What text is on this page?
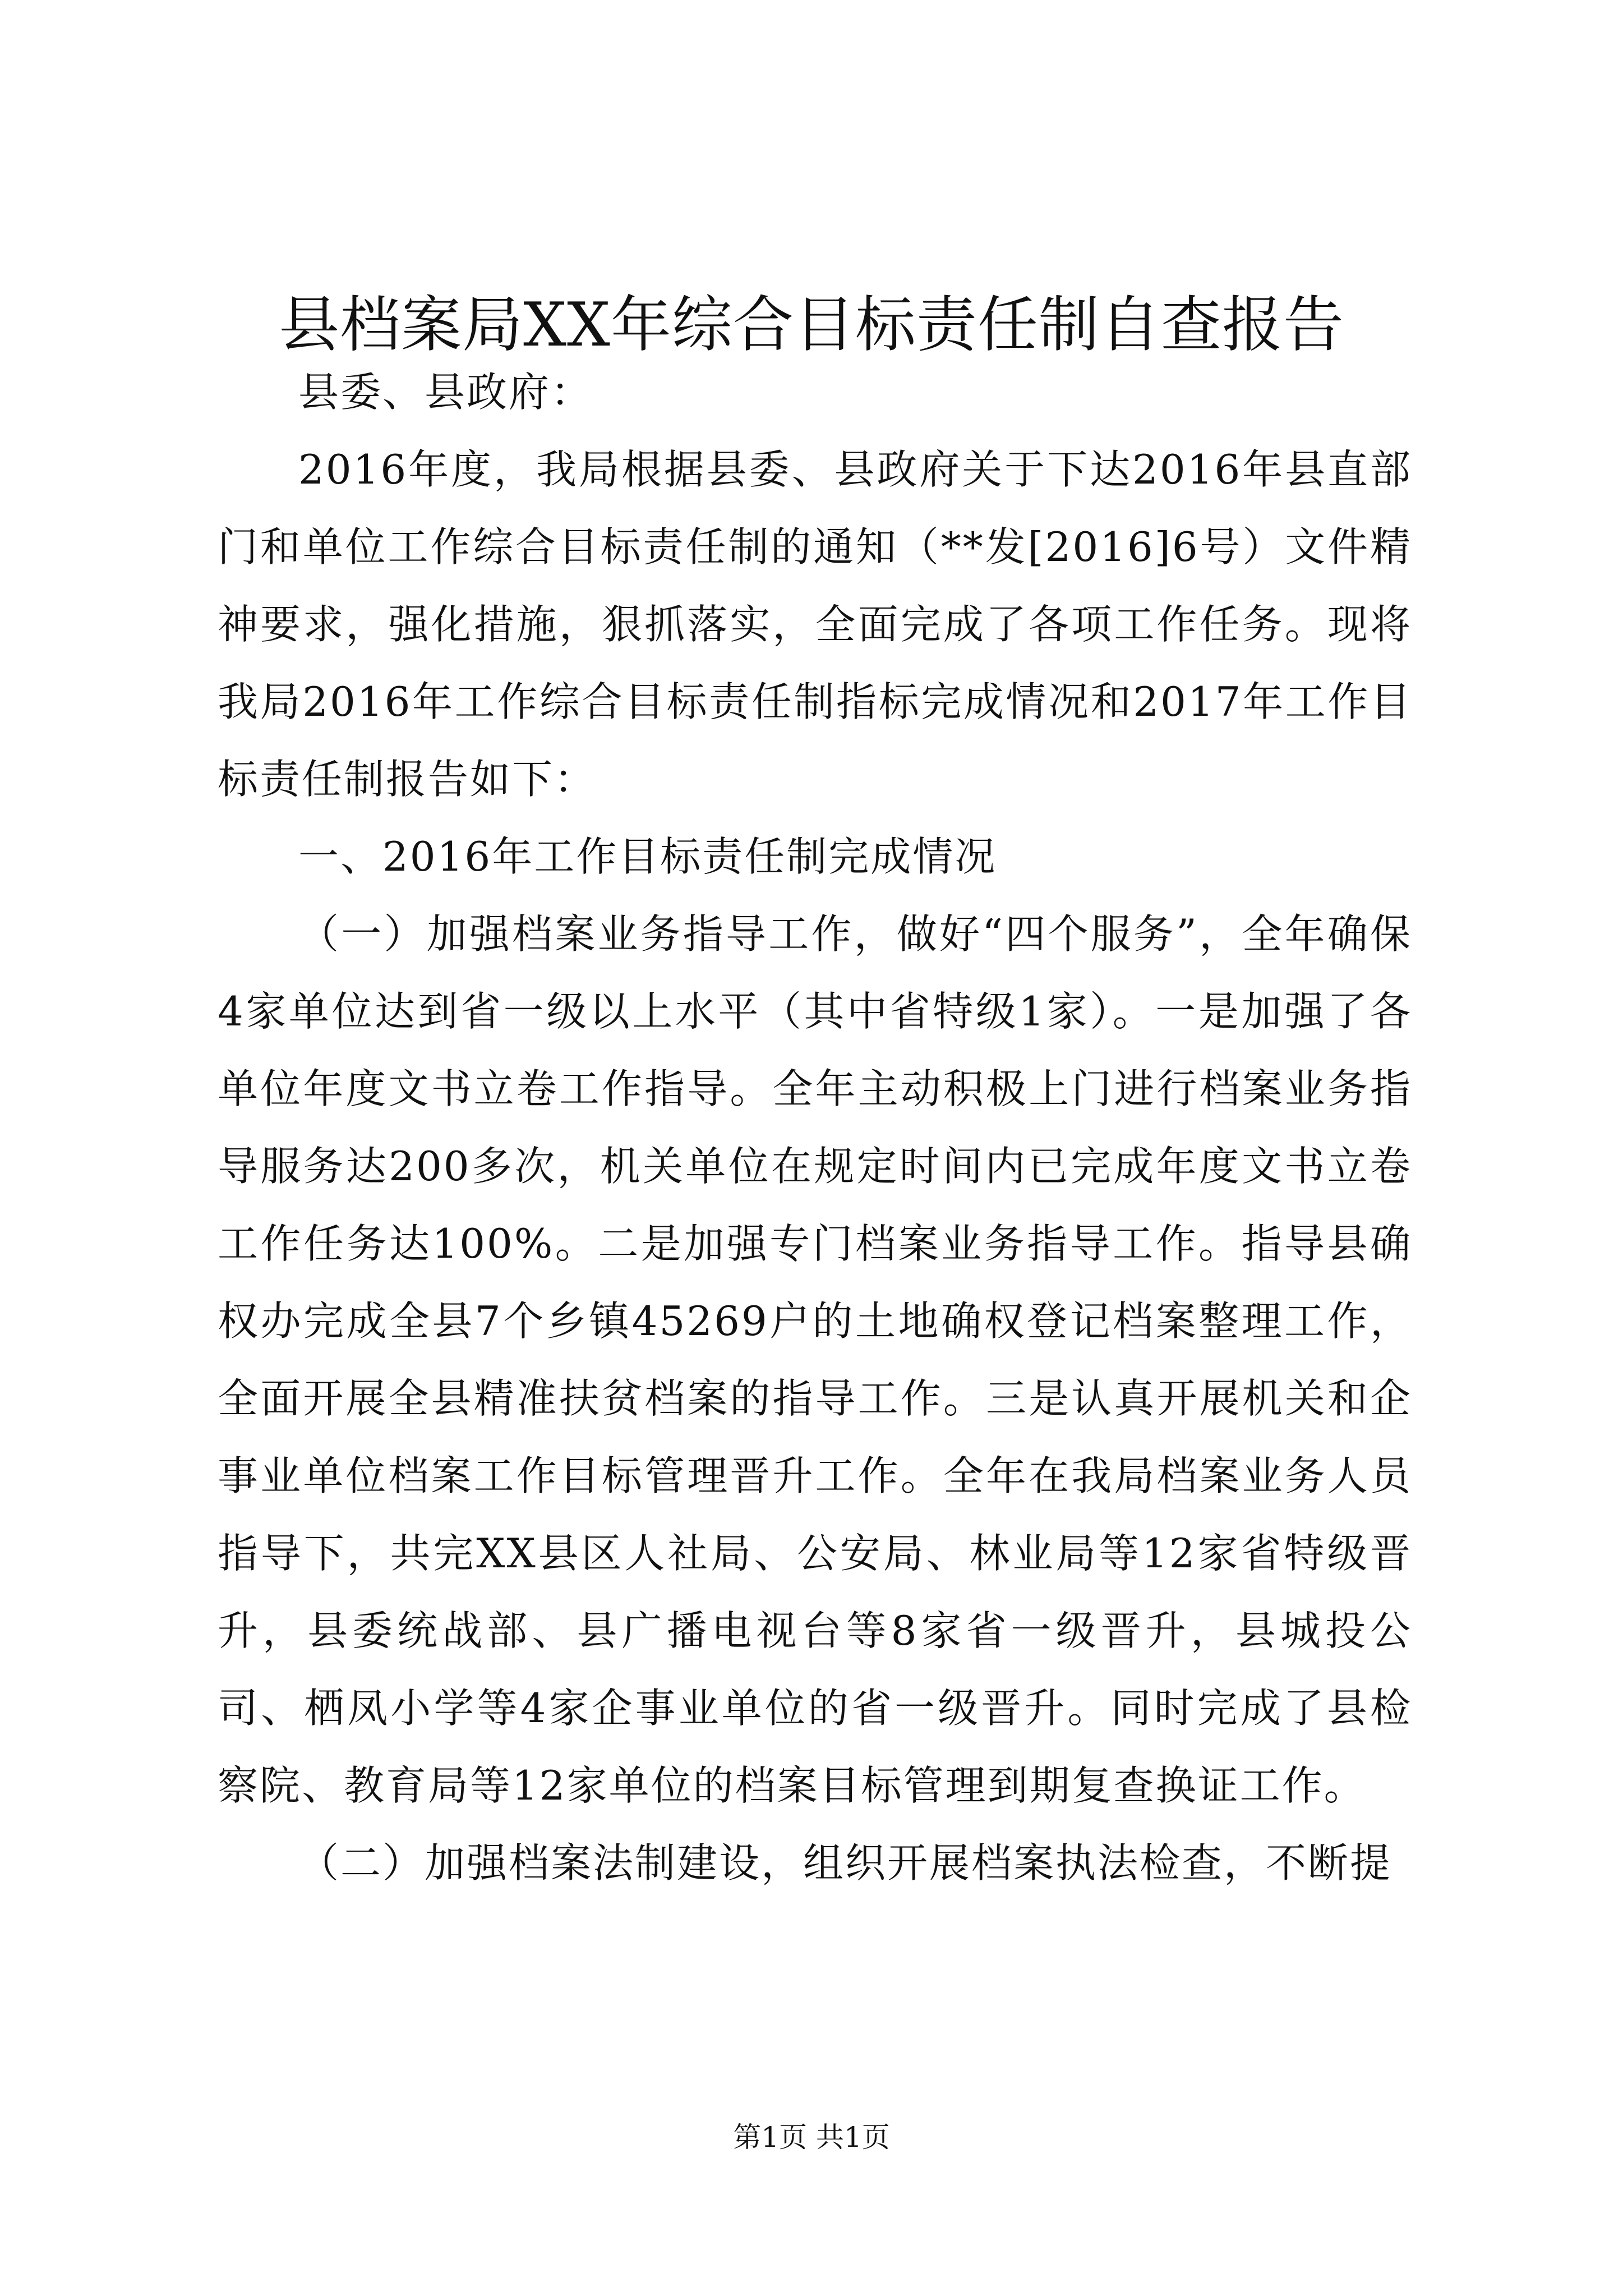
县档案局XX年综合目标责任制自查报告

县委、县政府：

2016年度，我局根据县委、县政府关于下达2016年县直部门和单位工作综合目标责任制的通知（**发[2016]6号）文件精神要求，强化措施，狠抓落实，全面完成了各项工作任务。现将我局2016年工作综合目标责任制指标完成情况和2017年工作目标责任制报告如下：

一、2016年工作目标责任制完成情况

（一）加强档案业务指导工作，做好“四个服务”，全年确保4家单位达到省一级以上水平（其中省特级1家）。一是加强了各单位年度文书立卷工作指导。全年主动积极上门进行档案业务指导服务达200多次，机关单位在规定时间内已完成年度文书立卷工作任务达100%。二是加强专门档案业务指导工作。指导县确权办完成全县7个乡镇45269户的土地确权登记档案整理工作，全面开展全县精准扶贫档案的指导工作。三是认真开展机关和企事业单位档案工作目标管理晋升工作。全年在我局档案业务人员指导下，共完XX县区人社局、公安局、林业局等12家省特级晋升，县委统战部、县广播电视台等8家省一级晋升，县城投公司、栖凤小学等4家企事业单位的省一级晋升。同时完成了县检察院、教育局等12家单位的档案目标管理到期复查换证工作。

（二）加强档案法制建设，组织开展档案执法检查，不断提

第1页 共1页
